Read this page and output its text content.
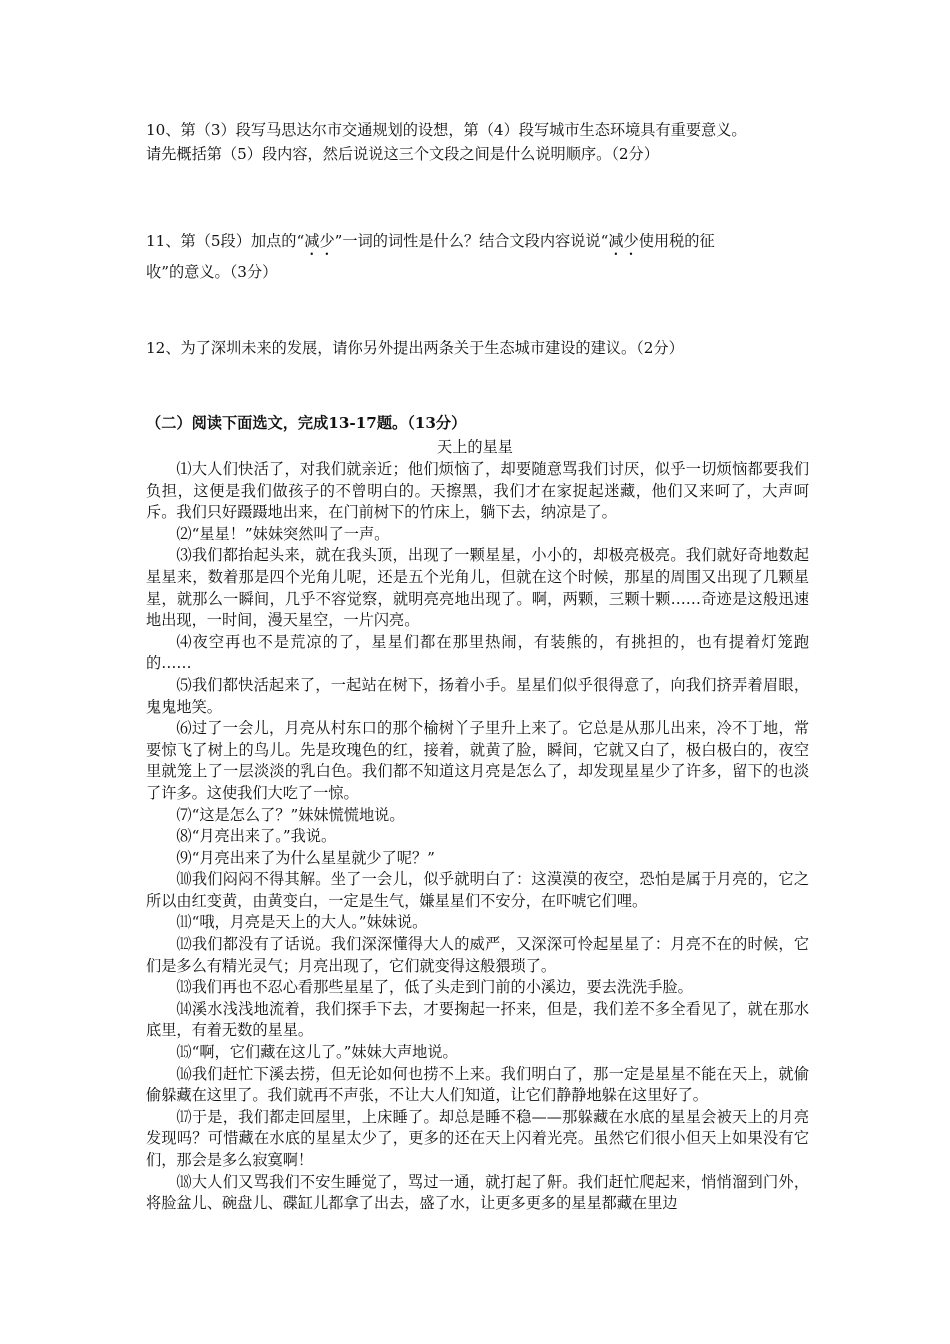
10、第（3）段写马思达尔市交通规划的设想，第（4）段写城市生态环境具有重要意义。

请先概括第（5）段内容，然后说说这三个文段之间是什么说明顺序。（2分）

11、第（5段）加点的“减少”一词的词性是什么？结合文段内容说说“减少使用税的征

收”的意义。（3分）

12、为了深圳未来的发展，请你另外提出两条关于生态城市建设的建议。（2分）

（二）阅读下面选文，完成13-17题。（13分）
天上的星星

⑴大人们快活了，对我们就亲近；他们烦恼了，却要随意骂我们讨厌，似乎一切烦恼都要我们负担，这便是我们做孩子的不曾明白的。天擦黑，我们才在家捉起迷藏，他们又来呵了，大声呵斥。我们只好蹑蹑地出来，在门前树下的竹床上，躺下去，纳凉是了。

⑵“星星！”妹妹突然叫了一声。

⑶我们都抬起头来，就在我头顶，出现了一颗星星，小小的，却极亮极亮。我们就好奇地数起星星来，数着那是四个光角儿呢，还是五个光角儿，但就在这个时候，那星的周围又出现了几颗星星，就那么一瞬间，几乎不容觉察，就明亮亮地出现了。啊，两颗，三颗十颗……奇迹是这般迅速地出现，一时间，漫天星空，一片闪亮。

⑷夜空再也不是荒凉的了，星星们都在那里热闹，有装熊的，有挑担的，也有提着灯笼跑的……

⑸我们都快活起来了，一起站在树下，扬着小手。星星们似乎很得意了，向我们挤弄着眉眼，鬼鬼地笑。

⑹过了一会儿，月亮从村东口的那个榆树丫子里升上来了。它总是从那儿出来，冷不丁地，常要惊飞了树上的鸟儿。先是玫瑰色的红，接着，就黄了脸，瞬间，它就又白了，极白极白的，夜空里就笼上了一层淡淡的乳白色。我们都不知道这月亮是怎么了，却发现星星少了许多，留下的也淡了许多。这使我们大吃了一惊。

⑺“这是怎么了？”妹妹慌慌地说。

⑻“月亮出来了。”我说。

⑼“月亮出来了为什么星星就少了呢？”

⑽我们闷闷不得其解。坐了一会儿，似乎就明白了：这漠漠的夜空，恐怕是属于月亮的，它之所以由红变黄，由黄变白，一定是生气，嫌星星们不安分，在吓唬它们哩。

⑾“哦，月亮是天上的大人。”妹妹说。

⑿我们都没有了话说。我们深深懂得大人的威严，又深深可怜起星星了：月亮不在的时候，它们是多么有精光灵气；月亮出现了，它们就变得这般猥琐了。

⒀我们再也不忍心看那些星星了，低了头走到门前的小溪边，要去洗洗手脸。

⒁溪水浅浅地流着，我们探手下去，才要掬起一抔来，但是，我们差不多全看见了，就在那水底里，有着无数的星星。

⒂“啊，它们藏在这儿了。”妹妹大声地说。

⒃我们赶忙下溪去捞，但无论如何也捞不上来。我们明白了，那一定是星星不能在天上，就偷偷躲藏在这里了。我们就再不声张，不让大人们知道，让它们静静地躲在这里好了。

⒄于是，我们都走回屋里，上床睡了。却总是睡不稳——那躲藏在水底的星星会被天上的月亮发现吗？可惜藏在水底的星星太少了，更多的还在天上闪着光亮。虽然它们很小但天上如果没有它们，那会是多么寂寞啊！

⒅大人们又骂我们不安生睡觉了，骂过一通，就打起了鼾。我们赶忙爬起来，悄悄溜到门外，将脸盆儿、碗盘儿、碟缸儿都拿了出去，盛了水，让更多更多的星星都藏在里边
